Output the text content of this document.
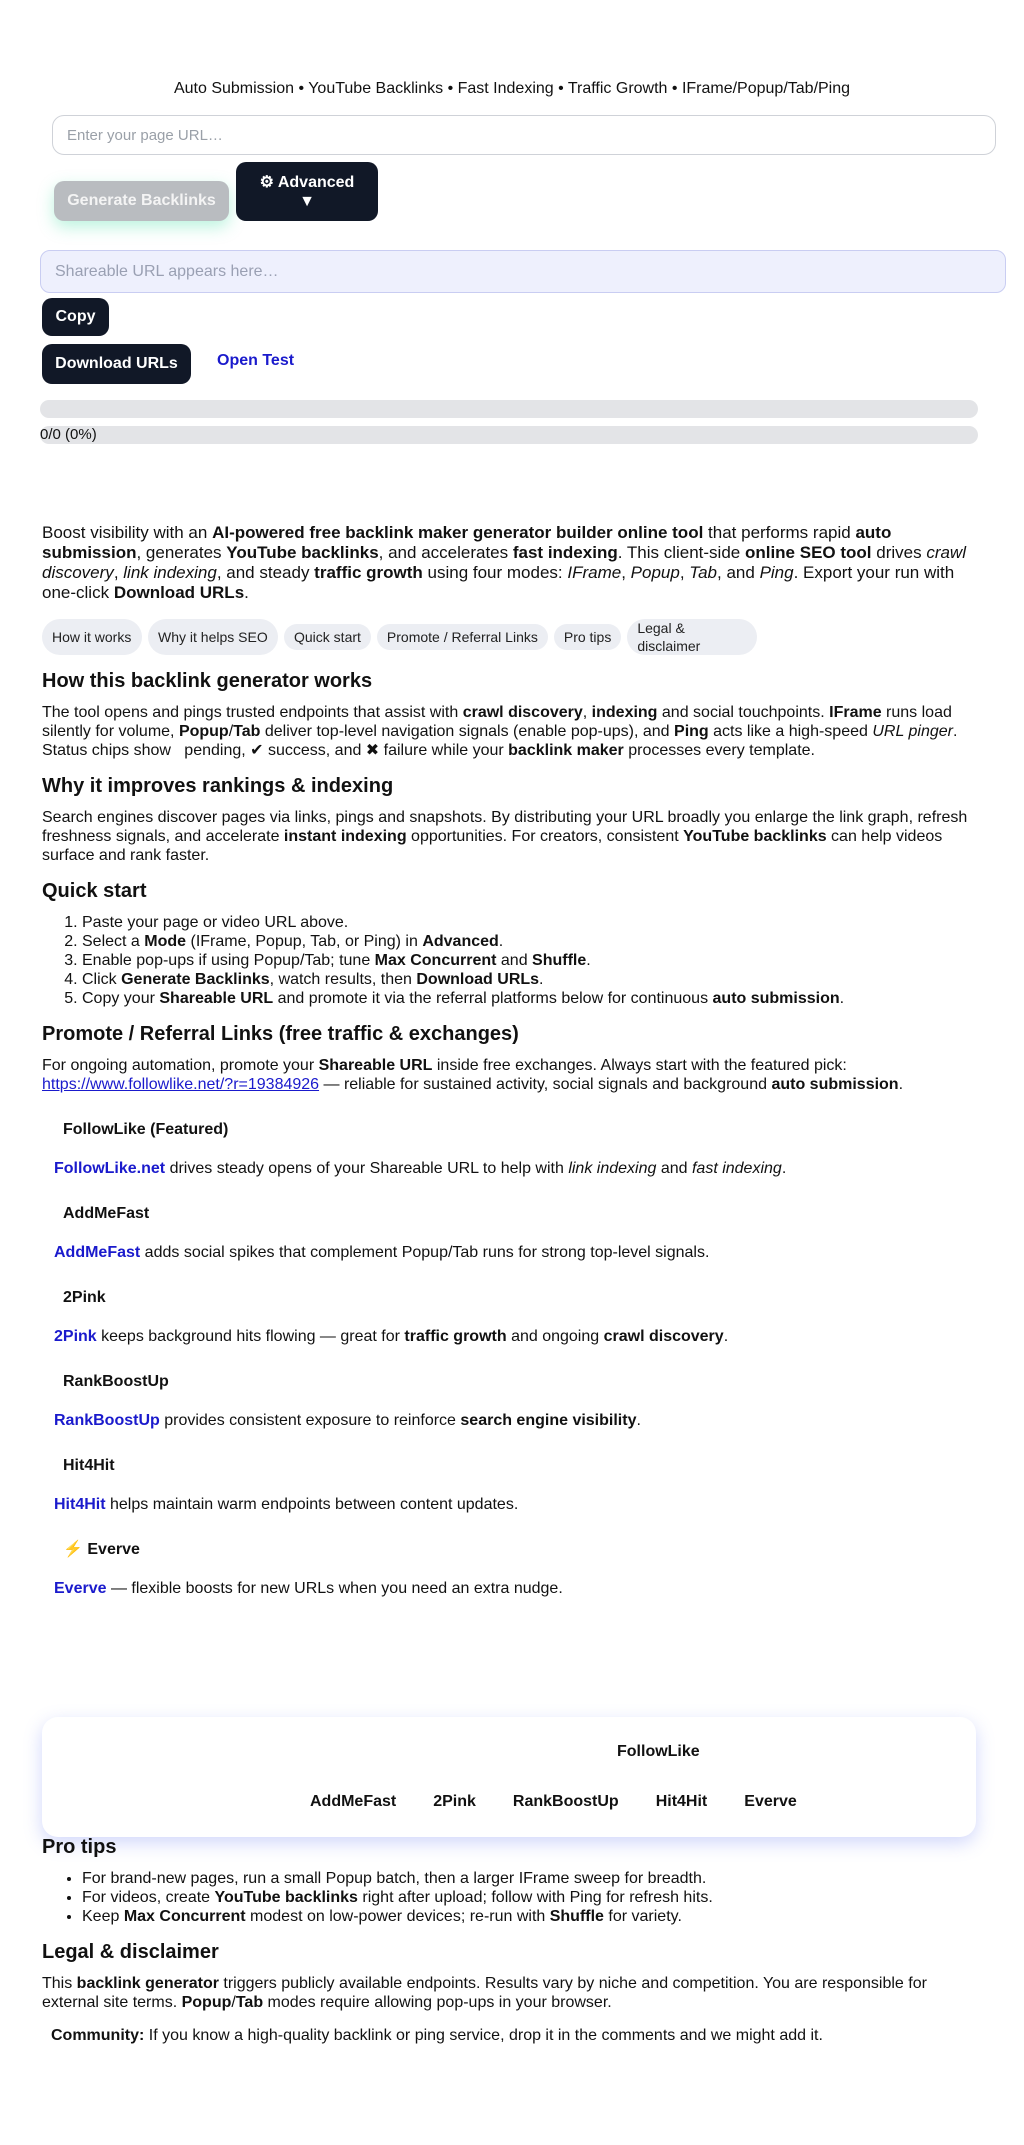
Auto Submission • YouTube Backlinks • Fast Indexing • Traffic Growth • IFrame/Popup/Tab/Ping
Enter your page URL…
Generate Backlinks
⚙ Advanced
▼
Shareable URL appears here…
Copy
Download URLs	Open Test
0/0 (0%)

Boost visibility with an AI-powered free backlink maker generator builder online tool that performs rapid auto submission, generates YouTube backlinks, and accelerates fast indexing. This client-side online SEO tool drives crawl discovery, link indexing, and steady traffic growth using four modes: IFrame, Popup, Tab, and Ping. Export your run with one-click Download URLs.

How it works	Why it helps SEO	Quick start	Promote / Referral Links	Pro tips
Legal & disclaimer
How this backlink generator works

The tool opens and pings trusted endpoints that assist with crawl discovery, indexing and social touchpoints. IFrame runs load silently for volume, Popup/Tab deliver top-level navigation signals (enable pop-ups), and Ping acts like a high-speed URL pinger. Status chips show   pending, ✔ success, and ✖ failure while your backlink maker processes every template.

Why it improves rankings & indexing

Search engines discover pages via links, pings and snapshots. By distributing your URL broadly you enlarge the link graph, refresh freshness signals, and accelerate instant indexing opportunities. For creators, consistent YouTube backlinks can help videos surface and rank faster.

Quick start
1. Paste your page or video URL above.
2. Select a Mode (IFrame, Popup, Tab, or Ping) in Advanced.
3. Enable pop-ups if using Popup/Tab; tune Max Concurrent and Shuffle.
4. Click Generate Backlinks, watch results, then Download URLs.
5. Copy your Shareable URL and promote it via the referral platforms below for continuous auto submission.
Promote / Referral Links (free traffic & exchanges)

For ongoing automation, promote your Shareable URL inside free exchanges. Always start with the featured pick: https://www.followlike.net/?r=19384926 — reliable for sustained activity, social signals and background auto submission.

FollowLike (Featured)

FollowLike.net drives steady opens of your Shareable URL to help with link indexing and fast indexing.

AddMeFast

AddMeFast adds social spikes that complement Popup/Tab runs for strong top-level signals.

2Pink

2Pink keeps background hits flowing — great for traffic growth and ongoing crawl discovery.

RankBoostUp

RankBoostUp provides consistent exposure to reinforce search engine visibility.

Hit4Hit

Hit4Hit helps maintain warm endpoints between content updates.

⚡ Everve

Everve — flexible boosts for new URLs when you need an extra nudge.

FollowLike
AddMeFast 2Pink RankBoostUp Hit4Hit Everve
Pro tips
• For brand-new pages, run a small Popup batch, then a larger IFrame sweep for breadth.
• For videos, create YouTube backlinks right after upload; follow with Ping for refresh hits.
• Keep Max Concurrent modest on low-power devices; re-run with Shuffle for variety.
Legal & disclaimer

This backlink generator triggers publicly available endpoints. Results vary by niche and competition. You are responsible for external site terms. Popup/Tab modes require allowing pop-ups in your browser.

Community: If you know a high-quality backlink or ping service, drop it in the comments and we might add it.
